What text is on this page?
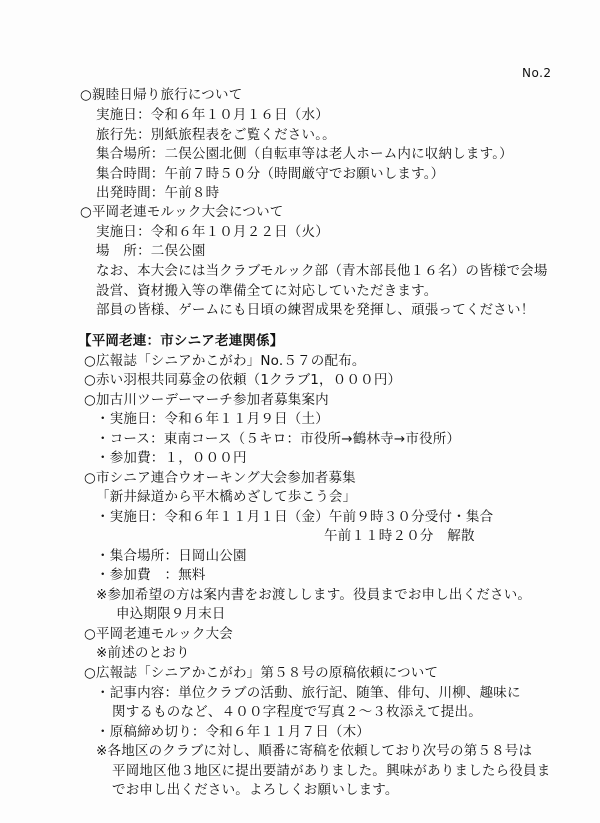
No.2
○親睦日帰り旅行について
実施日：令和６年１０月１６日（水）
旅行先：別紙旅程表をご覧ください。。
集合場所：二俣公園北側（自転車等は老人ホーム内に収納します。）
集合時間：午前７時５０分（時間厳守でお願いします。）
出発時間：午前８時
○平岡老連モルック大会について
実施日：令和６年１０月２２日（火）
場　所：二俣公園
なお、本大会には当クラブモルック部（青木部長他１６名）の皆様で会場
設営、資材搬入等の準備全てに対応していただきます。
部員の皆様、ゲームにも日頃の練習成果を発揮し、頑張ってください！
【平岡老連：市シニア老連関係】
○広報誌「シニアかこがわ」No.５７の配布。
○赤い羽根共同募金の依頼（1クラブ1，０００円）
○加古川ツーデーマーチ参加者募集案内
・実施日：令和６年１１月９日（土）
・コース：東南コース（５キロ：市役所→鶴林寺→市役所）
・参加費：１，０００円
○市シニア連合ウオーキング大会参加者募集
「新井緑道から平木橋めざして歩こう会」
・実施日：令和６年１１月１日（金）午前９時３０分受付・集合
午前１１時２０分　解散
・集合場所：日岡山公園
・参加費　：無料
※参加希望の方は案内書をお渡しします。役員までお申し出ください。
申込期限９月末日
○平岡老連モルック大会
※前述のとおり
○広報誌「シニアかこがわ」第５８号の原稿依頼について
・記事内容：単位クラブの活動、旅行記、随筆、俳句、川柳、趣味に
関するものなど、４００字程度で写真２～３枚添えて提出。
・原稿締め切り：令和６年１１月７日（木）
※各地区のクラブに対し、順番に寄稿を依頼しており次号の第５８号は
平岡地区他３地区に提出要請がありました。興味がありましたら役員ま
でお申し出ください。よろしくお願いします。
